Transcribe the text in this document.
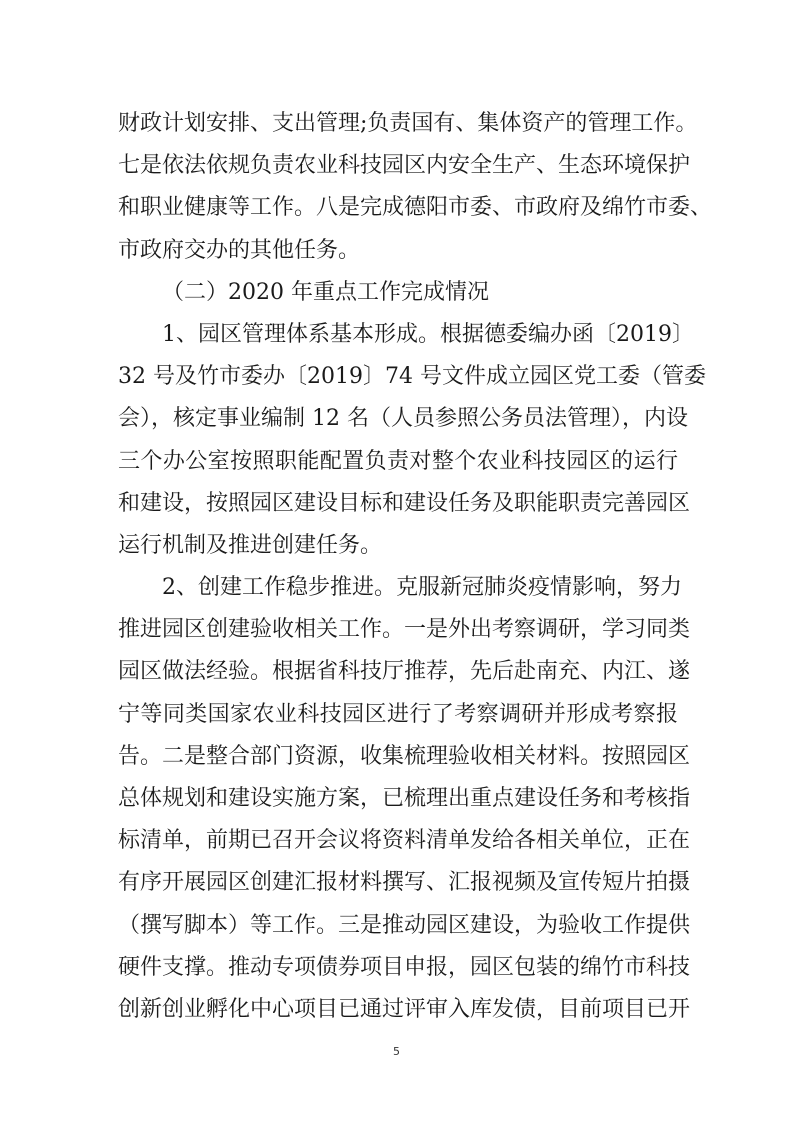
财政计划安排、支出管理;负责国有、集体资产的管理工作。
七是依法依规负责农业科技园区内安全生产、生态环境保护
和职业健康等工作。八是完成德阳市委、市政府及绵竹市委、
市政府交办的其他任务。
（二）2020 年重点工作完成情况
1、园区管理体系基本形成。根据德委编办函〔2019〕
32 号及竹市委办〔2019〕74 号文件成立园区党工委（管委
会），核定事业编制 12 名（人员参照公务员法管理），内设
三个办公室按照职能配置负责对整个农业科技园区的运行
和建设，按照园区建设目标和建设任务及职能职责完善园区
运行机制及推进创建任务。
2、创建工作稳步推进。克服新冠肺炎疫情影响，努力
推进园区创建验收相关工作。一是外出考察调研，学习同类
园区做法经验。根据省科技厅推荐，先后赴南充、内江、遂
宁等同类国家农业科技园区进行了考察调研并形成考察报
告。二是整合部门资源，收集梳理验收相关材料。按照园区
总体规划和建设实施方案，已梳理出重点建设任务和考核指
标清单，前期已召开会议将资料清单发给各相关单位，正在
有序开展园区创建汇报材料撰写、汇报视频及宣传短片拍摄
（撰写脚本）等工作。三是推动园区建设，为验收工作提供
硬件支撑。推动专项债券项目申报，园区包装的绵竹市科技
创新创业孵化中心项目已通过评审入库发债，目前项目已开
5
